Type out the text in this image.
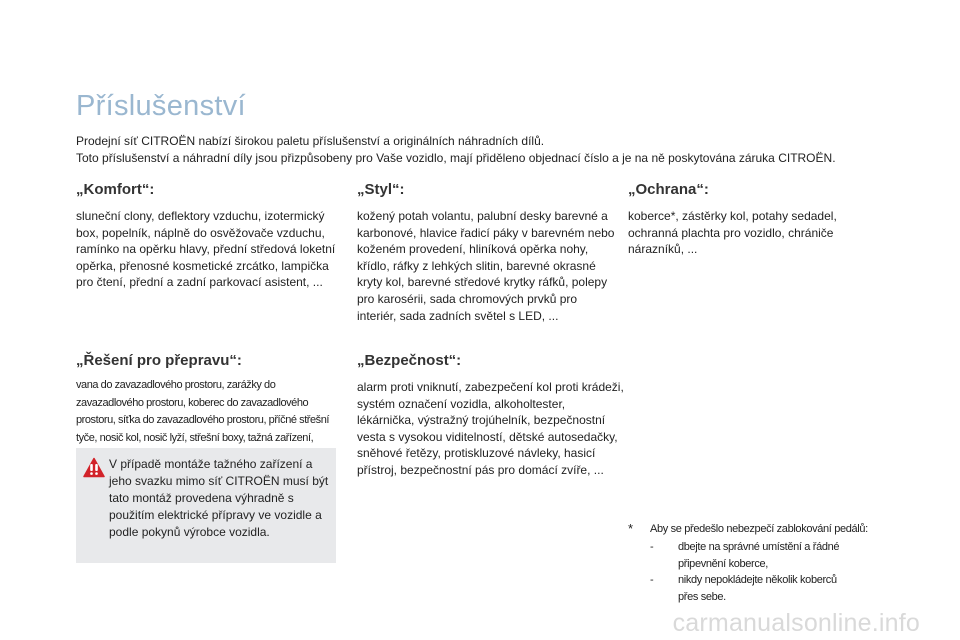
Příslušenství
Prodejní síť CITROËN nabízí širokou paletu příslušenství a originálních náhradních dílů.
Toto příslušenství a náhradní díly jsou přizpůsobeny pro Vaše vozidlo, mají přiděleno objednací číslo a je na ně poskytována záruka CITROËN.
„Komfort“:
sluneční clony, deflektory vzduchu, izotermický box, popelník, náplně do osvěžovače vzduchu, ramínko na opěrku hlavy, přední středová loketní opěrka, přenosné kosmetické zrcátko, lampička pro čtení, přední a zadní parkovací asistent, ...
„Styl“:
kožený potah volantu, palubní desky barevné a karbonové, hlavice řadicí páky v barevném nebo koženém provedení, hliníková opěrka nohy, křídlo, ráfky z lehkých slitin, barevné okrasné kryty kol, barevné středové krytky ráfků, polepy pro karosérii, sada chromových prvků pro interiér, sada zadních světel s LED, ...
„Ochrana“:
koberce*, zástěrky kol, potahy sedadel, ochranná plachta pro vozidlo, chrániče nárazníků, ...
„Řešení pro přepravu“:
vana do zavazadlového prostoru, zarážky do zavazadlového prostoru, koberec do zavazadlového prostoru, síťka do zavazadlového prostoru, příčné střešní tyče, nosič kol, nosič lyží, střešní boxy, tažná zařízení,
„Bezpečnost“:
alarm proti vniknutí, zabezpečení kol proti krádeži, systém označení vozidla, alkoholtester, lékárnička, výstražný trojúhelník, bezpečnostní vesta s vysokou viditelností, dětské autosedačky, sněhové řetězy, protiskluzové návleky, hasicí přístroj, bezpečnostní pás pro domácí zvíře, ...
V případě montáže tažného zařízení a jeho svazku mimo síť CITROËN musí být tato montáž provedena výhradně s použitím elektrické přípravy ve vozidle a podle pokynů výrobce vozidla.	* Aby se předešlo nebezpečí zablokování pedálů:
-	dbejte na správné umístění a řádné připevnění koberce,
-	nikdy nepokládejte několik koberců přes sebe.
carmanualsonline.info
